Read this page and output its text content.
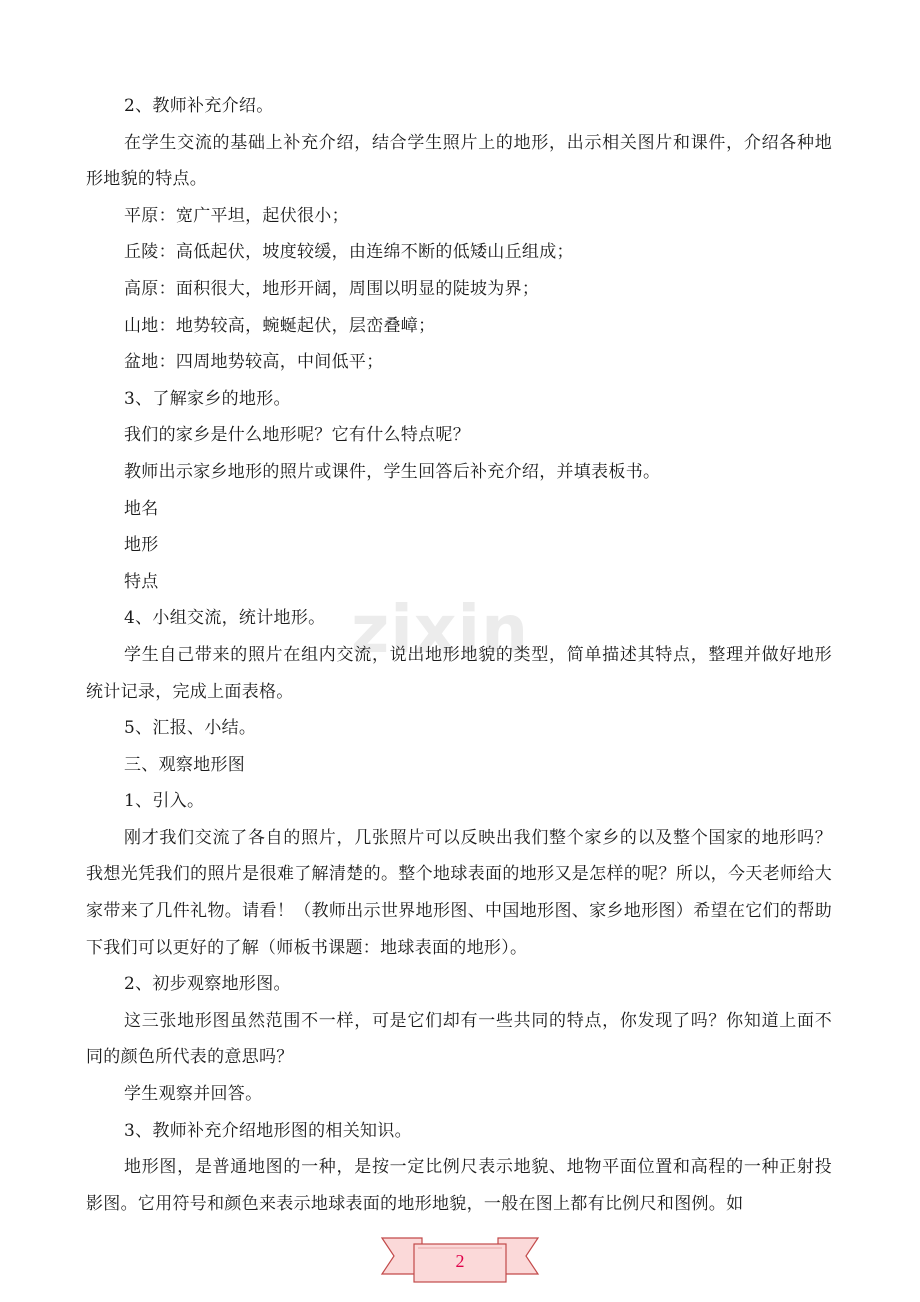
zixin

2、教师补充介绍。

在学生交流的基础上补充介绍，结合学生照片上的地形，出示相关图片和课件，介绍各种地形地貌的特点。

平原：宽广平坦，起伏很小；

丘陵：高低起伏，坡度较缓，由连绵不断的低矮山丘组成；

高原：面积很大，地形开阔，周围以明显的陡坡为界；

山地：地势较高，蜿蜒起伏，层峦叠嶂；

盆地：四周地势较高，中间低平；

3、了解家乡的地形。

我们的家乡是什么地形呢？它有什么特点呢？

教师出示家乡地形的照片或课件，学生回答后补充介绍，并填表板书。

地名

地形

特点

4、小组交流，统计地形。

学生自己带来的照片在组内交流，说出地形地貌的类型，简单描述其特点，整理并做好地形统计记录，完成上面表格。

5、汇报、小结。

三、观察地形图

1、引入。

刚才我们交流了各自的照片，几张照片可以反映出我们整个家乡的以及整个国家的地形吗？我想光凭我们的照片是很难了解清楚的。整个地球表面的地形又是怎样的呢？所以，今天老师给大家带来了几件礼物。请看！（教师出示世界地形图、中国地形图、家乡地形图）希望在它们的帮助下我们可以更好的了解（师板书课题：地球表面的地形）。

2、初步观察地形图。

这三张地形图虽然范围不一样，可是它们却有一些共同的特点，你发现了吗？你知道上面不同的颜色所代表的意思吗？

学生观察并回答。

3、教师补充介绍地形图的相关知识。

地形图，是普通地图的一种，是按一定比例尺表示地貌、地物平面位置和高程的一种正射投影图。它用符号和颜色来表示地球表面的地形地貌，一般在图上都有比例尺和图例。如

2
